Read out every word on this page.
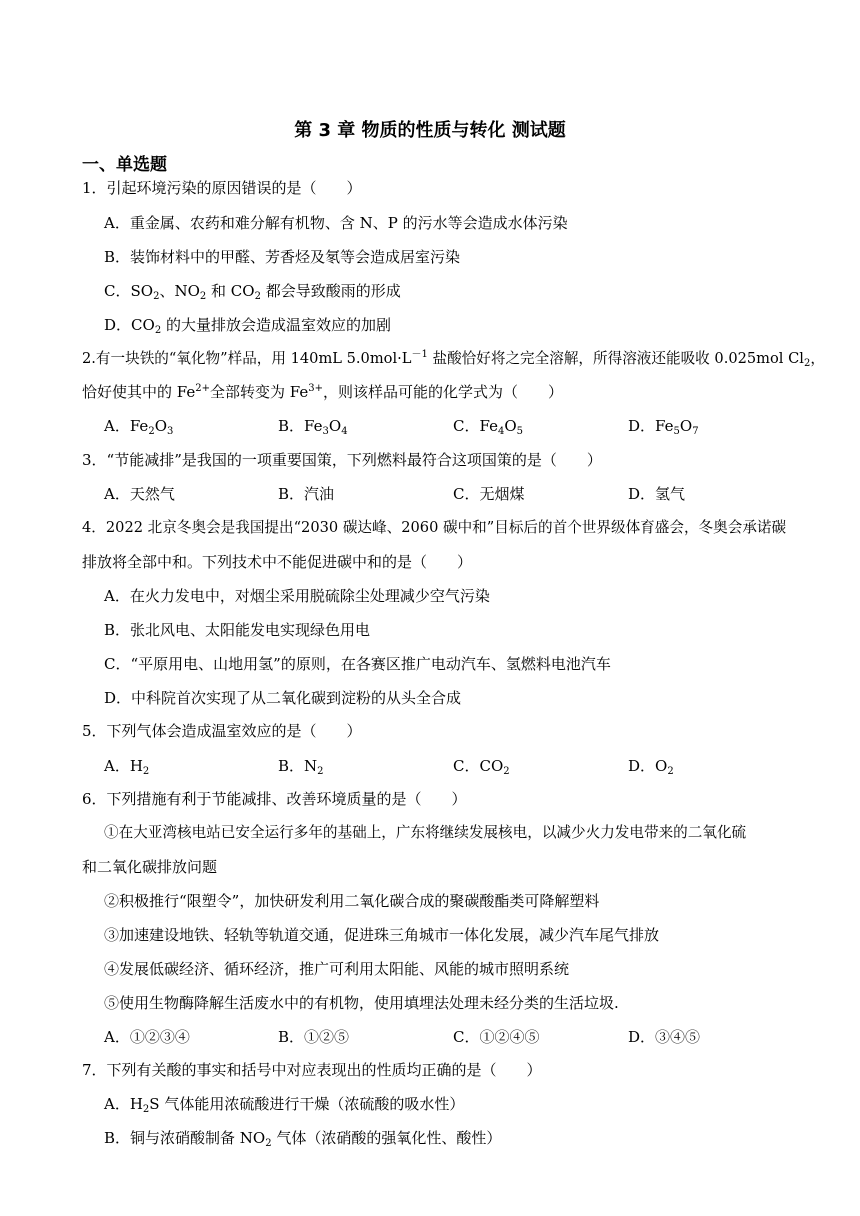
第 3 章 物质的性质与转化 测试题
一、单选题
1．引起环境污染的原因错误的是（　　）
A．重金属、农药和难分解有机物、含 N、P 的污水等会造成水体污染
B．装饰材料中的甲醛、芳香烃及氡等会造成居室污染
C．$SO_2$、$NO_2$ 和 $CO_2$ 都会导致酸雨的形成
D．$CO_2$ 的大量排放会造成温室效应的加剧
2.有一块铁的“氧化物”样品，用 140mL $5.0mol\cdot L^{-1}$ 盐酸恰好将之完全溶解，所得溶液还能吸收 0.025mol $Cl_2$，
恰好使其中的 $Fe^{2+}$全部转变为 $Fe^{3+}$，则该样品可能的化学式为（　　）
A．$Fe_2O_3$	B．$Fe_3O_4$	C．$Fe_4O_5$	D．$Fe_5O_7$
3．“节能减排”是我国的一项重要国策，下列燃料最符合这项国策的是（　　）
A．天然气	B．汽油	C．无烟煤	D．氢气
4．2022 北京冬奥会是我国提出“2030 碳达峰、2060 碳中和”目标后的首个世界级体育盛会，冬奥会承诺碳
排放将全部中和。下列技术中不能促进碳中和的是（　　）
A．在火力发电中，对烟尘采用脱硫除尘处理减少空气污染
B．张北风电、太阳能发电实现绿色用电
C．“平原用电、山地用氢”的原则，在各赛区推广电动汽车、氢燃料电池汽车
D．中科院首次实现了从二氧化碳到淀粉的从头全合成
5．下列气体会造成温室效应的是（　　）
A．$H_2$	B．$N_2$	C．$CO_2$	D．$O_2$
6．下列措施有利于节能减排、改善环境质量的是（　　）
①在大亚湾核电站已安全运行多年的基础上，广东将继续发展核电，以减少火力发电带来的二氧化硫
和二氧化碳排放问题
②积极推行“限塑令”，加快研发利用二氧化碳合成的聚碳酸酯类可降解塑料
③加速建设地铁、轻轨等轨道交通，促进珠三角城市一体化发展，减少汽车尾气排放
④发展低碳经济、循环经济，推广可利用太阳能、风能的城市照明系统
⑤使用生物酶降解生活废水中的有机物，使用填埋法处理未经分类的生活垃圾.
A．①②③④	B．①②⑤	C．①②④⑤	D．③④⑤
7．下列有关酸的事实和括号中对应表现出的性质均正确的是（　　）
A．$H_2S$ 气体能用浓硫酸进行干燥（浓硫酸的吸水性）
B．铜与浓硝酸制备 $NO_2$ 气体（浓硝酸的强氧化性、酸性）
